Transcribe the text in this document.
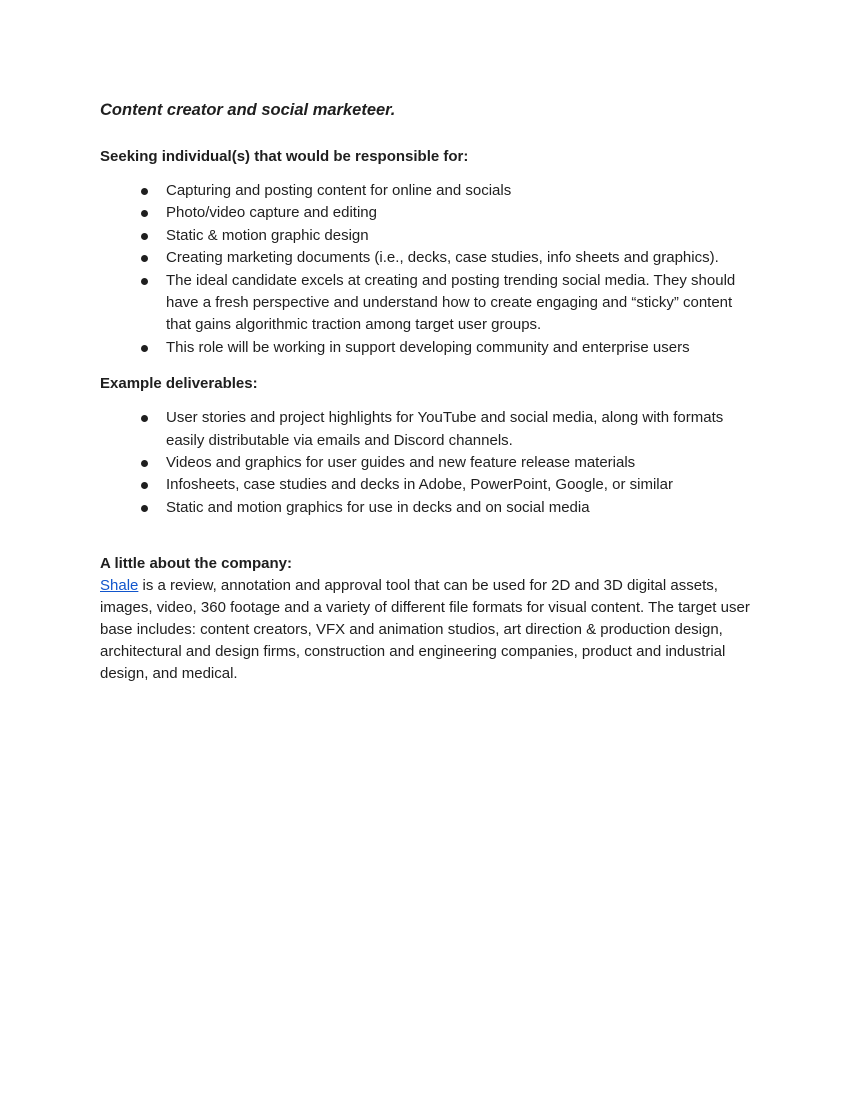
Content creator and social marketeer.

Seeking individual(s) that would be responsible for:

Capturing and posting content for online and socials
Photo/video capture and editing
Static & motion graphic design
Creating marketing documents (i.e., decks, case studies, info sheets and graphics).
The ideal candidate excels at creating and posting trending social media. They should have a fresh perspective and understand how to create engaging and “sticky” content that gains algorithmic traction among target user groups.
This role will be working in support developing community and enterprise users

Example deliverables:

User stories and project highlights for YouTube and social media, along with formats easily distributable via emails and Discord channels.
Videos and graphics for user guides and new feature release materials
Infosheets, case studies and decks in Adobe, PowerPoint, Google, or similar
Static and motion graphics for use in decks and on social media

A little about the company:

Shale is a review, annotation and approval tool that can be used for 2D and 3D digital assets, images, video, 360 footage and a variety of different file formats for visual content. The target user base includes: content creators, VFX and animation studios, art direction & production design, architectural and design firms, construction and engineering companies, product and industrial design, and medical.
